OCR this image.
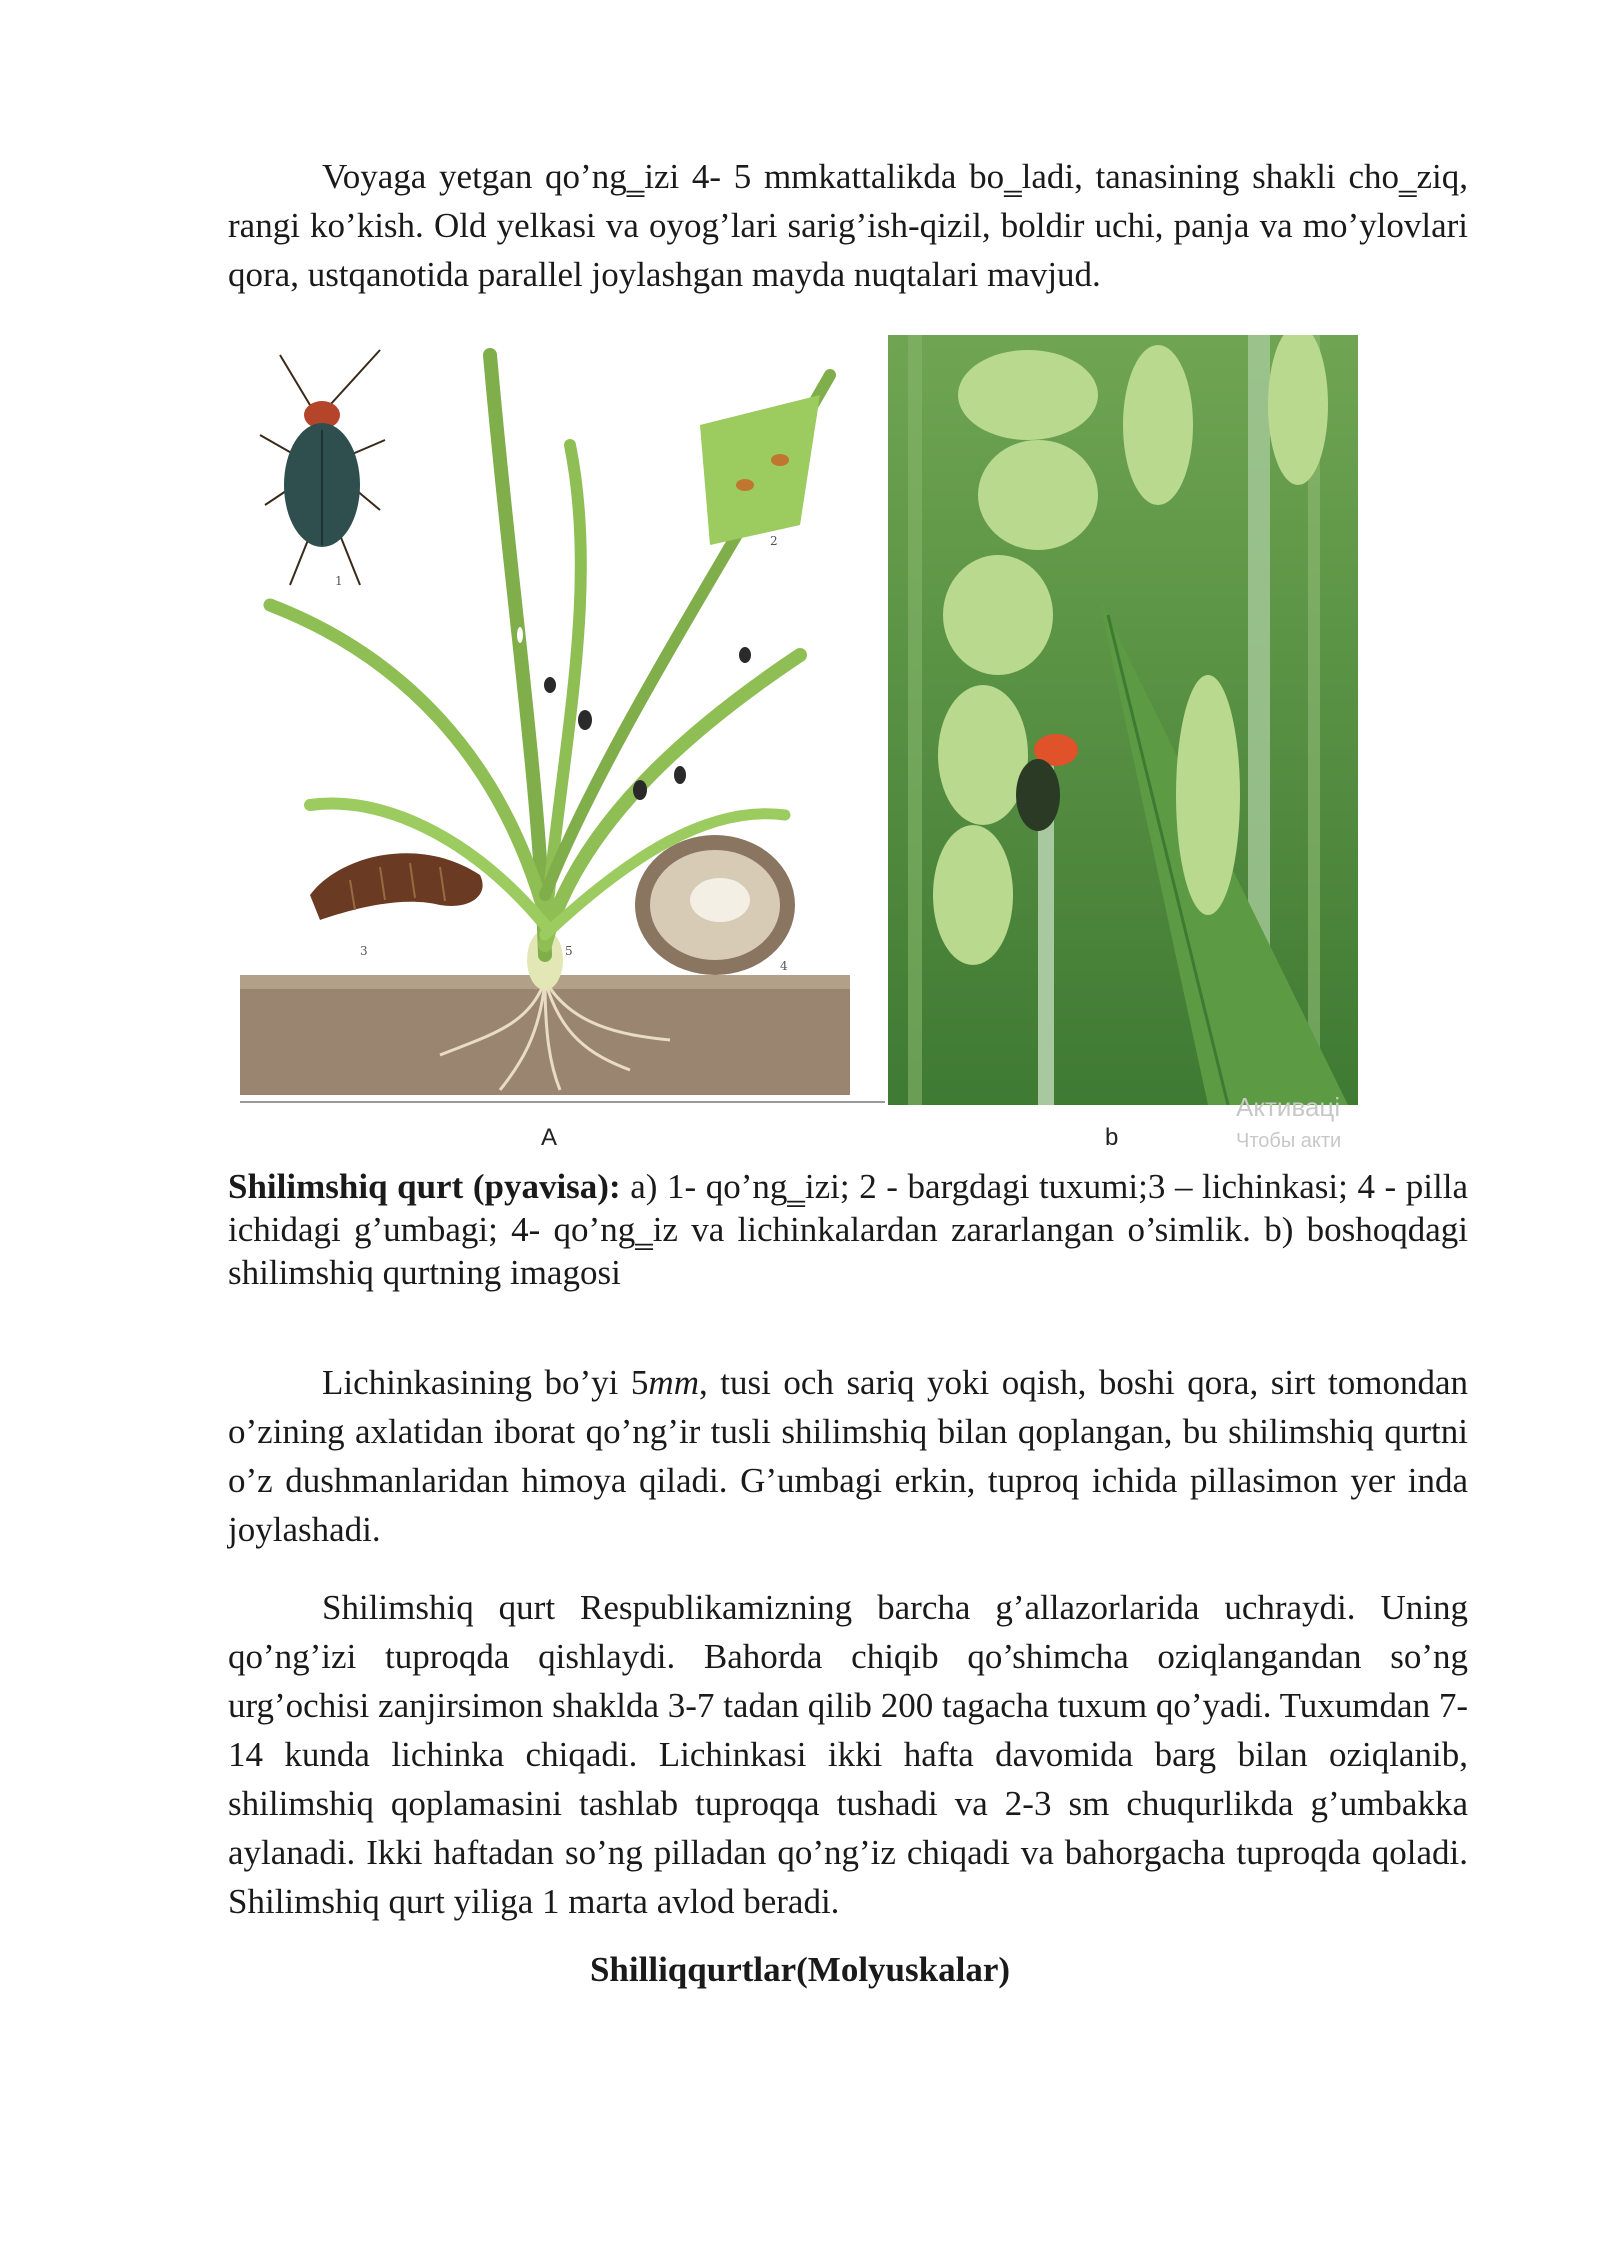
Voyaga yetgan qo’ng‗izi 4- 5 mmkattalikda bo‗ladi, tanasining shakli cho‗ziq, rangi ko’kish. Old yelkasi va oyog’lari sarig’ish-qizil, boldir uchi, panja va mo’ylovlari qora, ustqanotida parallel joylashgan mayda nuqtalari mavjud.

1
2
3
4
5
A	b
Активаці
Чтобы акти

Shilimshiq qurt (pyavisa): a) 1- qo’ng‗izi; 2 - bargdagi tuxumi;3 – lichinkasi; 4 - pilla ichidagi g’umbagi; 4- qo’ng‗iz va lichinkalardan zararlangan o’simlik. b) boshoqdagi shilimshiq qurtning imagosi

Lichinkasining bo’yi 5mm, tusi och sariq yoki oqish, boshi qora, sirt tomondan o’zining axlatidan iborat qo’ng’ir tusli shilimshiq bilan qoplangan, bu shilimshiq qurtni o’z dushmanlaridan himoya qiladi. G’umbagi erkin, tuproq ichida pillasimon yer inda joylashadi.

Shilimshiq qurt Respublikamizning barcha g’allazorlarida uchraydi. Uning qo’ng’izi tuproqda qishlaydi. Bahorda chiqib qo’shimcha oziqlangandan so’ng urg’ochisi zanjirsimon shaklda 3-7 tadan qilib 200 tagacha tuxum qo’yadi. Tuxumdan 7-14 kunda lichinka chiqadi. Lichinkasi ikki hafta davomida barg bilan oziqlanib, shilimshiq qoplamasini tashlab tuproqqa tushadi va 2-3 sm chuqurlikda g’umbakka aylanadi. Ikki haftadan so’ng pilladan qo’ng’iz chiqadi va bahorgacha tuproqda qoladi. Shilimshiq qurt yiliga 1 marta avlod beradi.

Shilliqqurtlar(Molyuskalar)
